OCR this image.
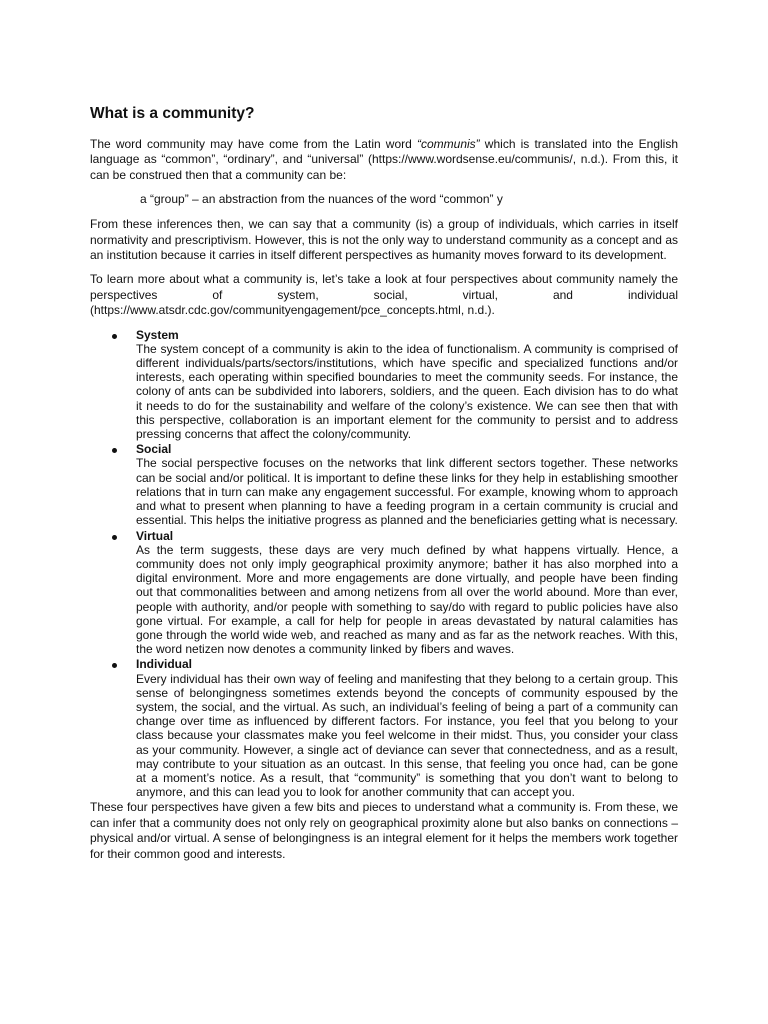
What is a community?

The word community may have come from the Latin word “communis” which is translated into the English language as “common”, “ordinary”, and “universal” (https://www.wordsense.eu/communis/, n.d.). From this, it can be construed then that a community can be:

a “group” – an abstraction from the nuances of the word “common” y

From these inferences then, we can say that a community (is) a group of individuals, which carries in itself normativity and prescriptivism. However, this is not the only way to understand community as a concept and as an institution because it carries in itself different perspectives as humanity moves forward to its development.

To learn more about what a community is, let’s take a look at four perspectives about community namely the perspectives of system, social, virtual, and individual (https://www.atsdr.cdc.gov/communityengagement/pce_concepts.html, n.d.).

System

The system concept of a community is akin to the idea of functionalism. A community is comprised of different individuals/parts/sectors/institutions, which have specific and specialized functions and/or interests, each operating within specified boundaries to meet the community seeds. For instance, the colony of ants can be subdivided into laborers, soldiers, and the queen. Each division has to do what it needs to do for the sustainability and welfare of the colony’s existence. We can see then that with this perspective, collaboration is an important element for the community to persist and to address pressing concerns that affect the colony/community.

Social

The social perspective focuses on the networks that link different sectors together. These networks can be social and/or political. It is important to define these links for they help in establishing smoother relations that in turn can make any engagement successful. For example, knowing whom to approach and what to present when planning to have a feeding program in a certain community is crucial and essential. This helps the initiative progress as planned and the beneficiaries getting what is necessary.

Virtual

As the term suggests, these days are very much defined by what happens virtually. Hence, a community does not only imply geographical proximity anymore; bather it has also morphed into a digital environment. More and more engagements are done virtually, and people have been finding out that commonalities between and among netizens from all over the world abound. More than ever, people with authority, and/or people with something to say/do with regard to public policies have also gone virtual. For example, a call for help for people in areas devastated by natural calamities has gone through the world wide web, and reached as many and as far as the network reaches. With this, the word netizen now denotes a community linked by fibers and waves.

Individual

Every individual has their own way of feeling and manifesting that they belong to a certain group. This sense of belongingness sometimes extends beyond the concepts of community espoused by the system, the social, and the virtual. As such, an individual’s feeling of being a part of a community can change over time as influenced by different factors. For instance, you feel that you belong to your class because your classmates make you feel welcome in their midst. Thus, you consider your class as your community. However, a single act of deviance can sever that connectedness, and as a result, may contribute to your situation as an outcast. In this sense, that feeling you once had, can be gone at a moment’s notice. As a result, that “community” is something that you don’t want to belong to anymore, and this can lead you to look for another community that can accept you.

These four perspectives have given a few bits and pieces to understand what a community is. From these, we can infer that a community does not only rely on geographical proximity alone but also banks on connections – physical and/or virtual. A sense of belongingness is an integral element for it helps the members work together for their common good and interests.
